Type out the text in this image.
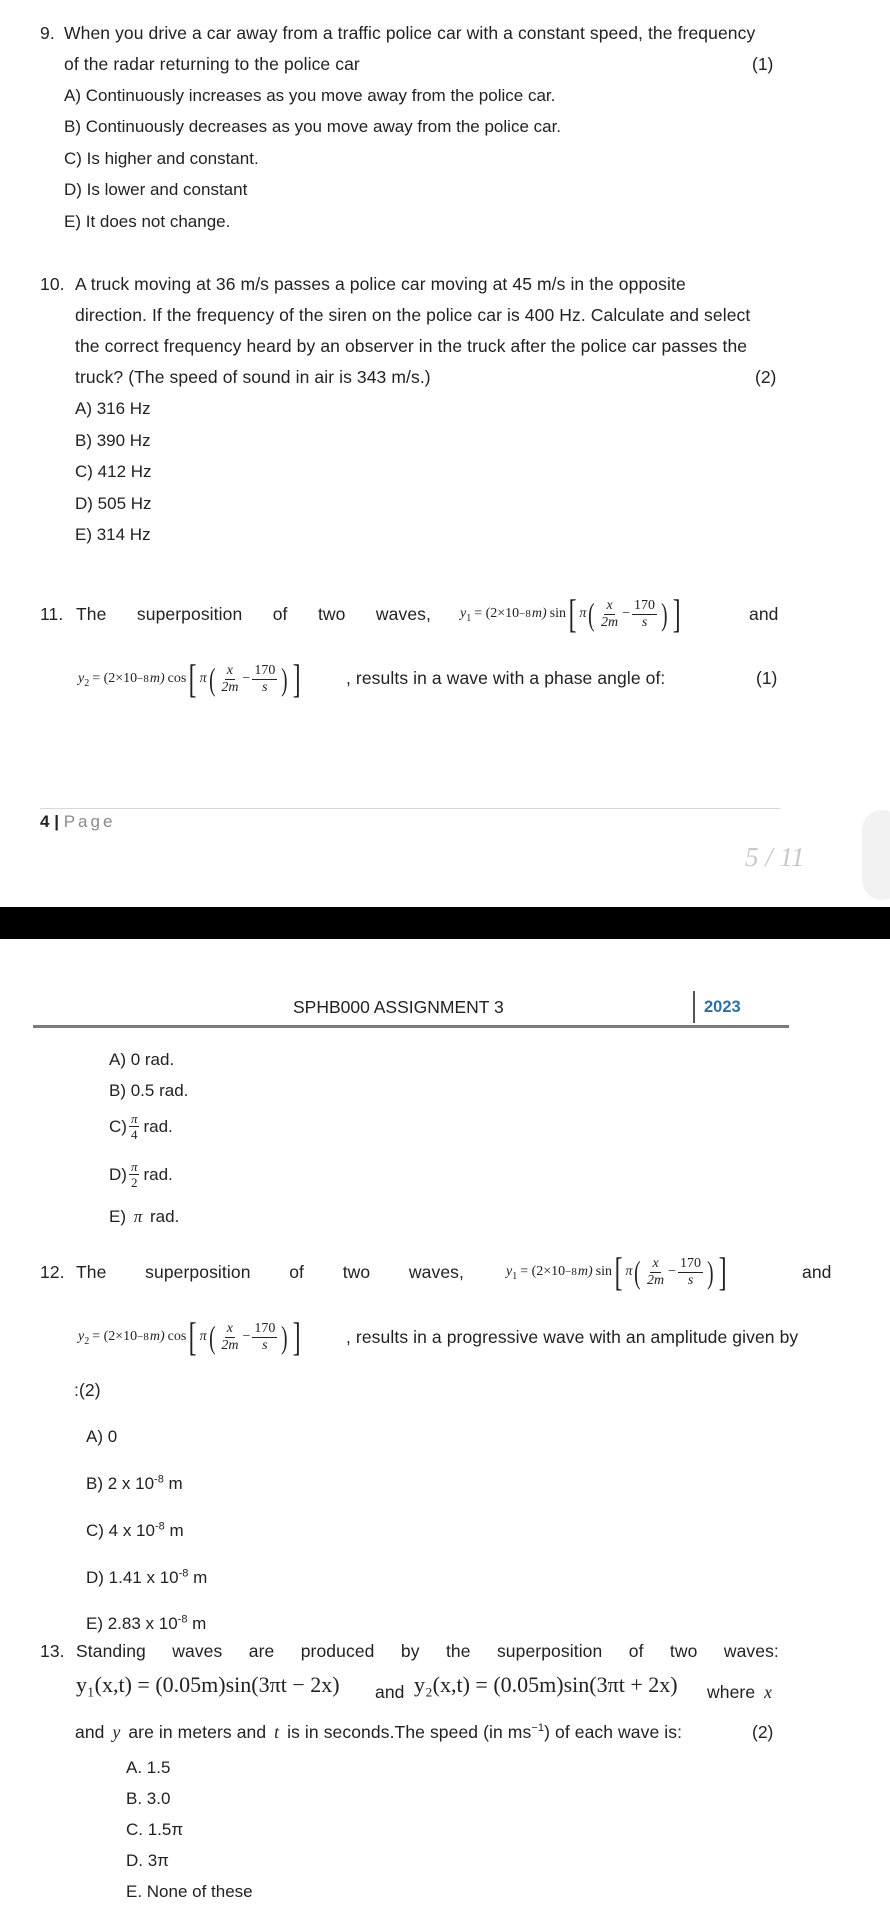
9. When you drive a car away from a traffic police car with a constant speed, the frequency
of the radar returning to the police car	(1)
A) Continuously increases as you move away from the police car.
B) Continuously decreases as you move away from the police car.
C) Is higher and constant.
D) Is lower and constant
E) It does not change.
10. A truck moving at 36 m/s passes a police car moving at 45 m/s in the opposite
direction. If the frequency of the siren on the police car is 400 Hz. Calculate and select
the correct frequency heard by an observer in the truck after the police car passes the
truck? (The speed of sound in air is 343 m/s.)	(2)
A) 316 Hz
B) 390 Hz
C) 412 Hz
D) 505 Hz
E) 314 Hz
11. The superposition of two waves, $y_1 = (2\times 10 -8$ m) sin [ π ( $\frac{x}{2m} - \frac{170}{s}$ ) ]	and
$y_2 = (2\times 10 -8$ m) cos [ π ( $\frac{x}{2m} - \frac{170}{s}$ ) ]	, results in a wave with a phase angle of:	(1)
4 | Page
5 / 11
SPHB000 ASSIGNMENT 3	2023
A) 0 rad.
B) 0.5 rad.
$C) \frac{\pi}{4}$ rad.
$D) \frac{\pi}{2}$ rad.
E) π rad.
12. The superposition of two waves,	$y_1 = (2\times 10 -8$ m) sin [ π ( $\frac{x}{2m} - \frac{170}{s}$ ) ]	and
$y_2 = (2\times 10 -8$ m) cos [ π ( $\frac{x}{2m} - \frac{170}{s}$ ) ]	, results in a progressive wave with an amplitude given by
:(2)
A) 0
B) 2 x $10^{-8}$ m
C) 4 x $10^{-8}$ m
D) 1.41 x $10^{-8}$ m
E) 2.83 x $10^{-8}$ m
13. Standing waves are produced by the superposition of two waves:
y₁(x,t) = (0.05m)sin(3πt − 2x) and y₂(x,t) = (0.05m)sin(3πt + 2x) where x
and y are in meters and t is in seconds.The speed (in $ms^{-1}$) of each wave is:	(2)
A. 1.5
B. 3.0
C. 1.5π
D. 3π
E. None of these
